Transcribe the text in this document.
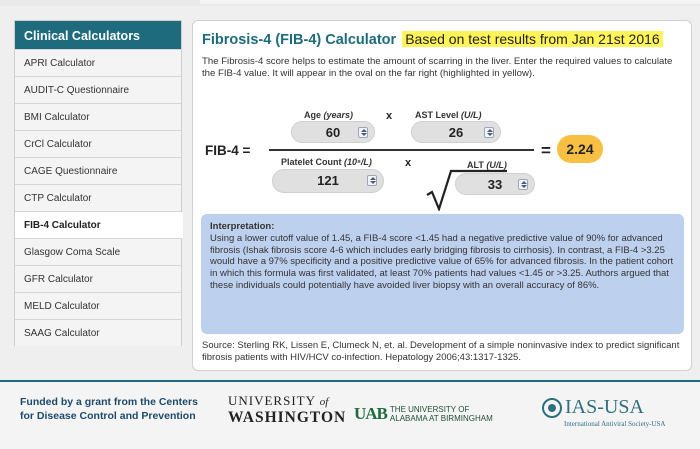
Clinical Calculators
APRI Calculator
AUDIT-C Questionnaire
BMI Calculator
CrCl Calculator
CAGE Questionnaire
CTP Calculator
FIB-4 Calculator
Glasgow Coma Scale
GFR Calculator
MELD Calculator
SAAG Calculator
Fibrosis-4 (FIB-4) Calculator Based on test results from Jan 21st 2016

The Fibrosis-4 score helps to estimate the amount of scarring in the liver. Enter the required values to calculate the FIB-4 value. It will appear in the oval on the far right (highlighted in yellow).

FIB-4 =
Age (years)
60
x	AST Level (U/L)
26
Platelet Count (10⁹/L)
121
x	ALT (U/L)
33
=	2.24
Interpretation:
Using a lower cutoff value of 1.45, a FIB-4 score <1.45 had a negative predictive value of 90% for advanced fibrosis (Ishak fibrosis score 4-6 which includes early bridging fibrosis to cirrhosis). In contrast, a FIB-4 >3.25 would have a 97% specificity and a positive predictive value of 65% for advanced fibrosis. In the patient cohort in which this formula was first validated, at least 70% patients had values <1.45 or >3.25. Authors argued that these individuals could potentially have avoided liver biopsy with an overall accuracy of 86%.

Source: Sterling RK, Lissen E, Clumeck N, et. al. Development of a simple noninvasive index to predict significant fibrosis patients with HIV/HCV co-infection. Hepatology 2006;43:1317-1325.

Funded by a grant from the Centers for Disease Control and Prevention
UNIVERSITY of
WASHINGTON UAB THE UNIVERSITY OF
ALABAMA AT BIRMINGHAM
IAS-USA
International Antiviral Society-USA
